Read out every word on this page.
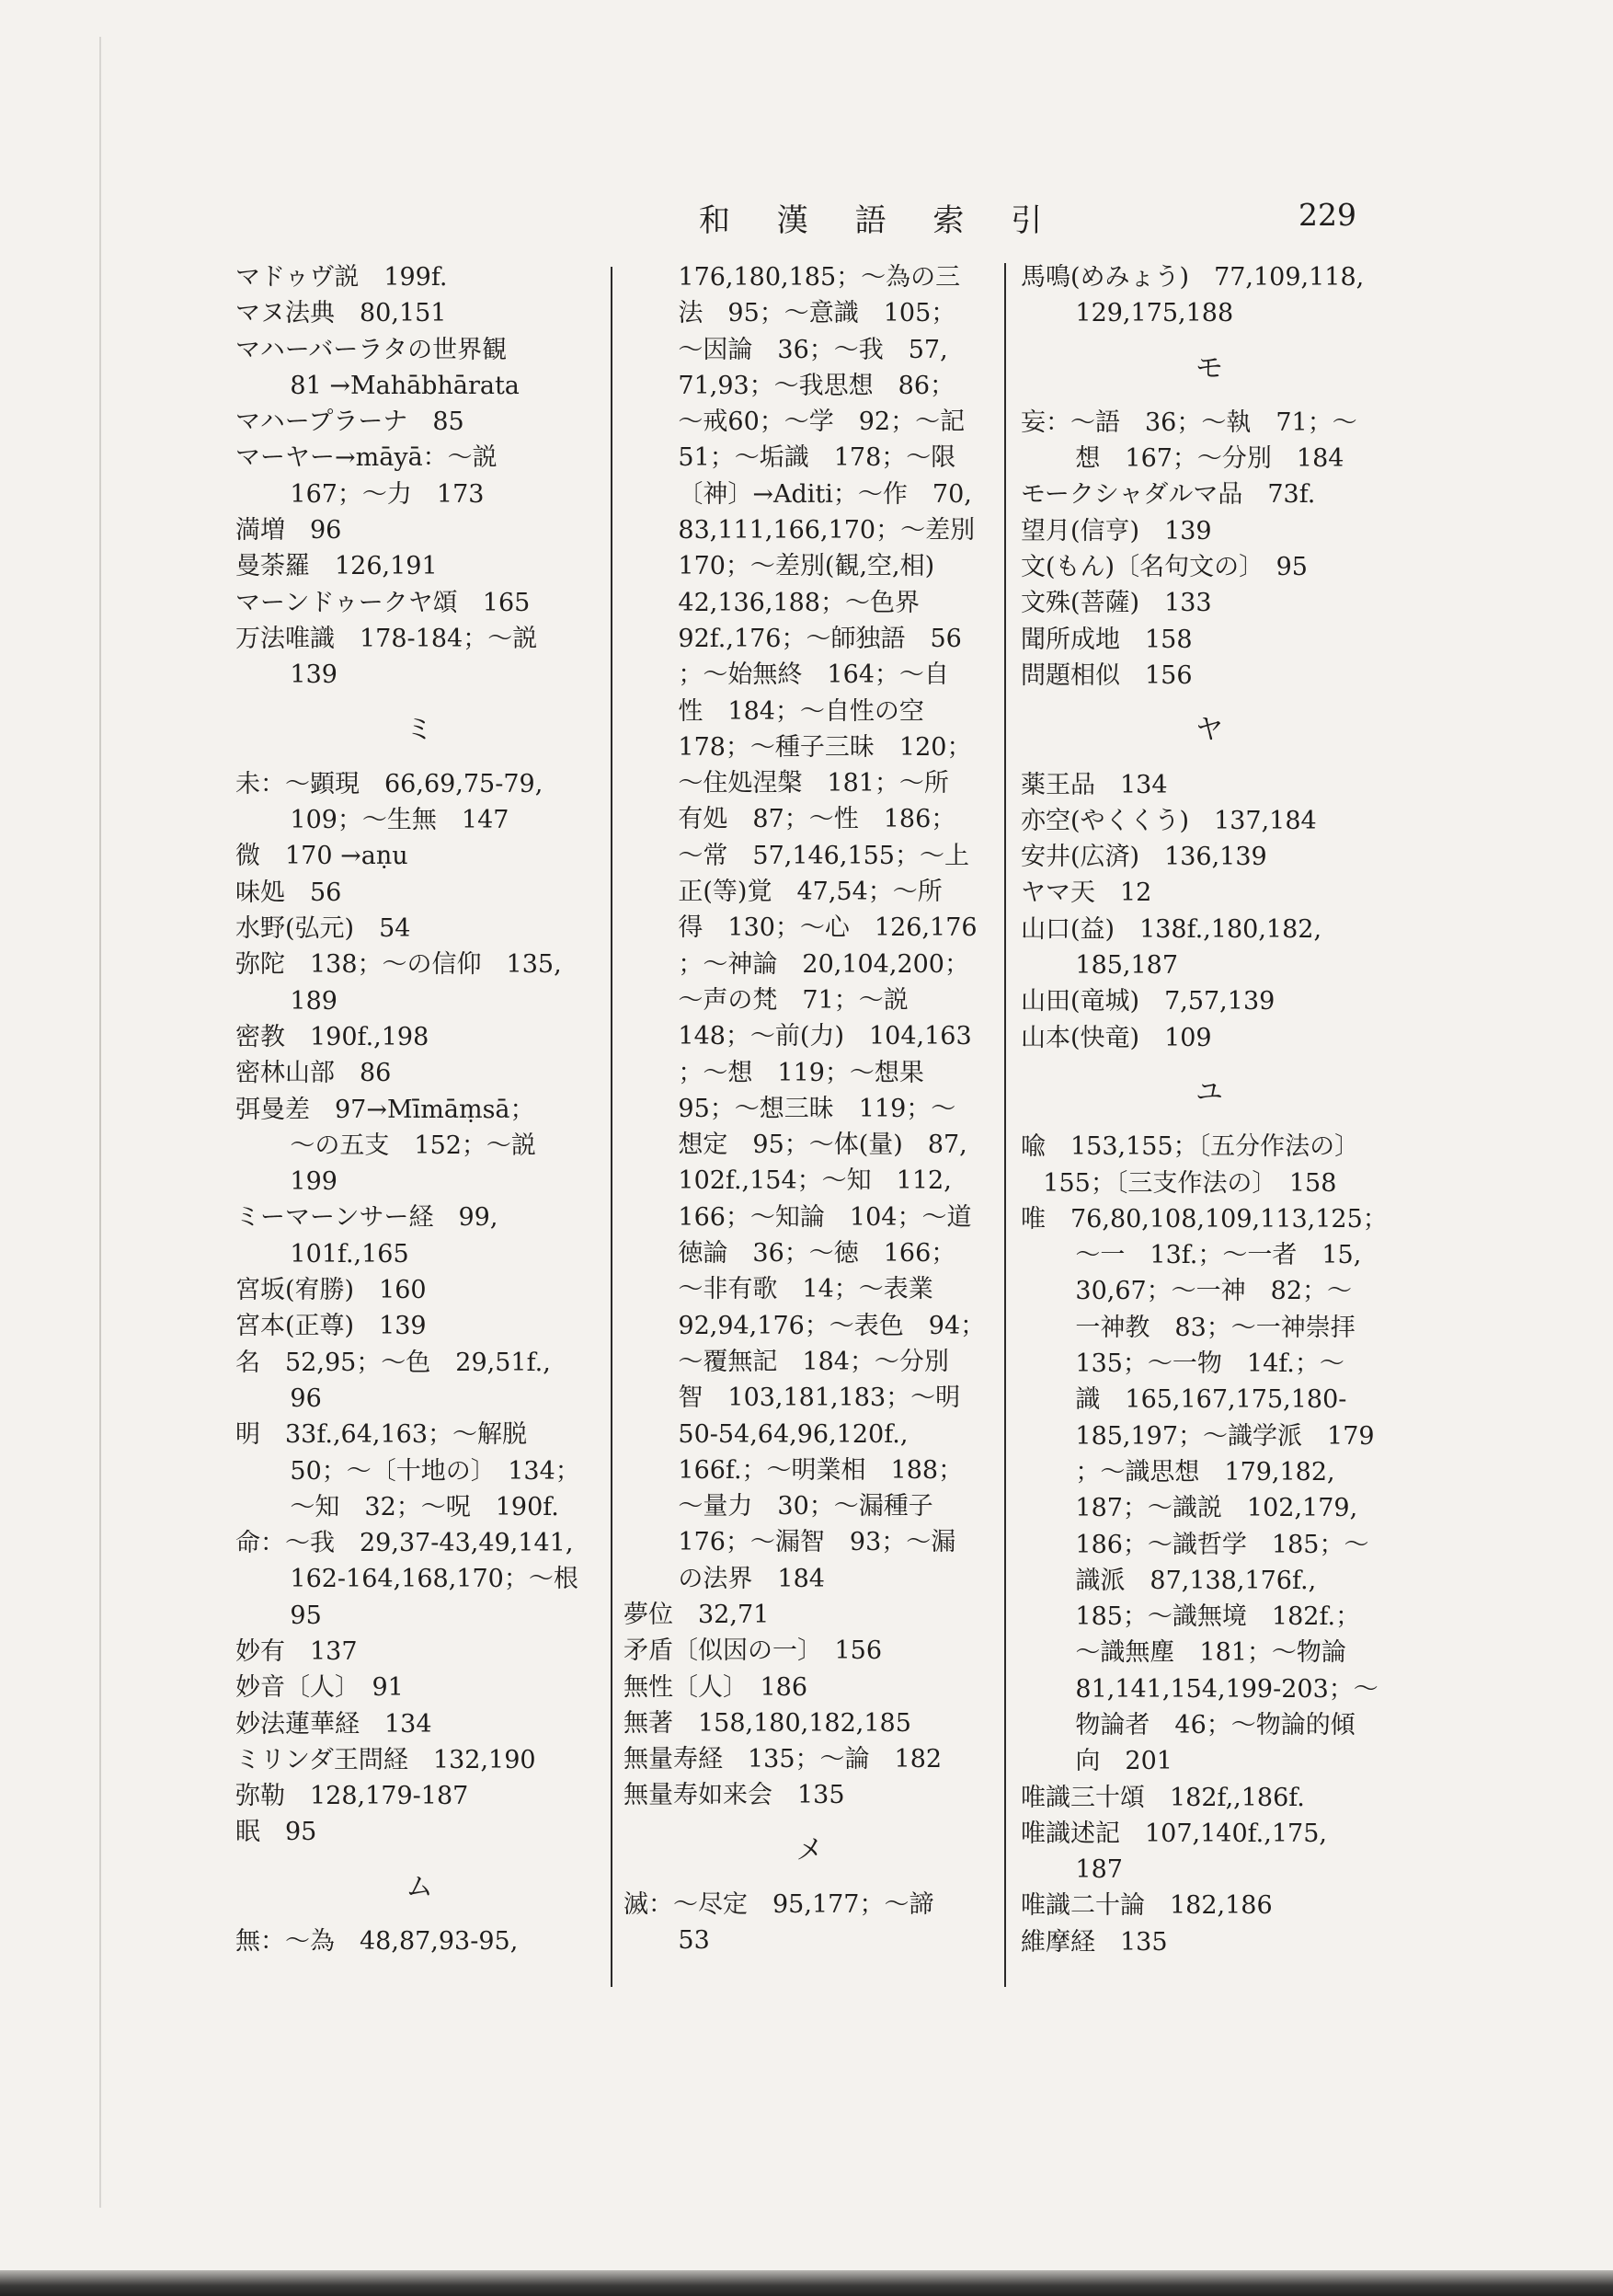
和 漢 語 索 引	229
マドゥヴ説　199f.
マヌ法典　80,151
マハーバーラタの世界観
81 →Mahābhārata
マハープラーナ　85
マーヤー→māyā：～説
167；～力　173
満増　96
曼荼羅　126,191
マーンドゥークヤ頌　165
万法唯識　178-184；～説
139
ミ
未：～顕現　66,69,75-79,
109；～生無　147
微　170 →aṇu
味処　56
水野(弘元)　54
弥陀　138；～の信仰　135,
189
密教　190f.,198
密林山部　86
弭曼差　97→Mīmāṃsā；
～の五支　152；～説
199
ミーマーンサー経　99,
101f.,165
宮坂(宥勝)　160
宮本(正尊)　139
名　52,95；～色　29,51f.,
96
明　33f.,64,163；～解脱
50；～〔十地の〕　134；
～知　32；～呪　190f.
命：～我　29,37-43,49,141,
162-164,168,170；～根
95
妙有　137
妙音〔人〕　91
妙法蓮華経　134
ミリンダ王問経　132,190
弥勒　128,179-187
眠　95
ム
無：～為　48,87,93-95,
176,180,185；～為の三
法　95；～意識　105；
～因論　36；～我　57,
71,93；～我思想　86；
～戒60；～学　92；～記
51；～垢識　178；～限
〔神〕→Aditi；～作　70,
83,111,166,170；～差別
170；～差別(観,空,相)
42,136,188；～色界
92f.,176；～師独語　56
；～始無終　164；～自
性　184；～自性の空
178；～種子三昧　120；
～住処涅槃　181；～所
有処　87；～性　186；
～常　57,146,155；～上
正(等)覚　47,54；～所
得　130；～心　126,176
；～神論　20,104,200；
～声の梵　71；～説
148；～前(力)　104,163
；～想　119；～想果
95；～想三昧　119；～
想定　95；～体(量)　87,
102f.,154；～知　112,
166；～知論　104；～道
徳論　36；～徳　166；
～非有歌　14；～表業
92,94,176；～表色　94；
～覆無記　184；～分別
智　103,181,183；～明
50-54,64,96,120f.,
166f.；～明業相　188；
～量力　30；～漏種子
176；～漏智　93；～漏
の法界　184
夢位　32,71
矛盾〔似因の一〕　156
無性〔人〕　186
無著　158,180,182,185
無量寿経　135；～論　182
無量寿如来会　135
メ
滅：～尽定　95,177；～諦
53
馬鳴(めみょう)　77,109,118,
129,175,188
モ
妄：～語　36；～執　71；～
想　167；～分別　184
モークシャダルマ品　73f.
望月(信亨)　139
文(もん)〔名句文の〕　95
文殊(菩薩)　133
聞所成地　158
問題相似　156
ヤ
薬王品　134
亦空(やくくう)　137,184
安井(広済)　136,139
ヤマ天　12
山口(益)　138f.,180,182,
185,187
山田(竜城)　7,57,139
山本(快竜)　109
ユ
喩　153,155；〔五分作法の〕
155；〔三支作法の〕　158
唯　76,80,108,109,113,125；
～一　13f.；～一者　15,
30,67；～一神　82；～
一神教　83；～一神崇拝
135；～一物　14f.；～
識　165,167,175,180-
185,197；～識学派　179
；～識思想　179,182,
187；～識説　102,179,
186；～識哲学　185；～
識派　87,138,176f.,
185；～識無境　182f.；
～識無塵　181；～物論
81,141,154,199-203；～
物論者　46；～物論的傾
向　201
唯識三十頌　182f,,186f.
唯識述記　107,140f.,175,
187
唯識二十論　182,186
維摩経　135
